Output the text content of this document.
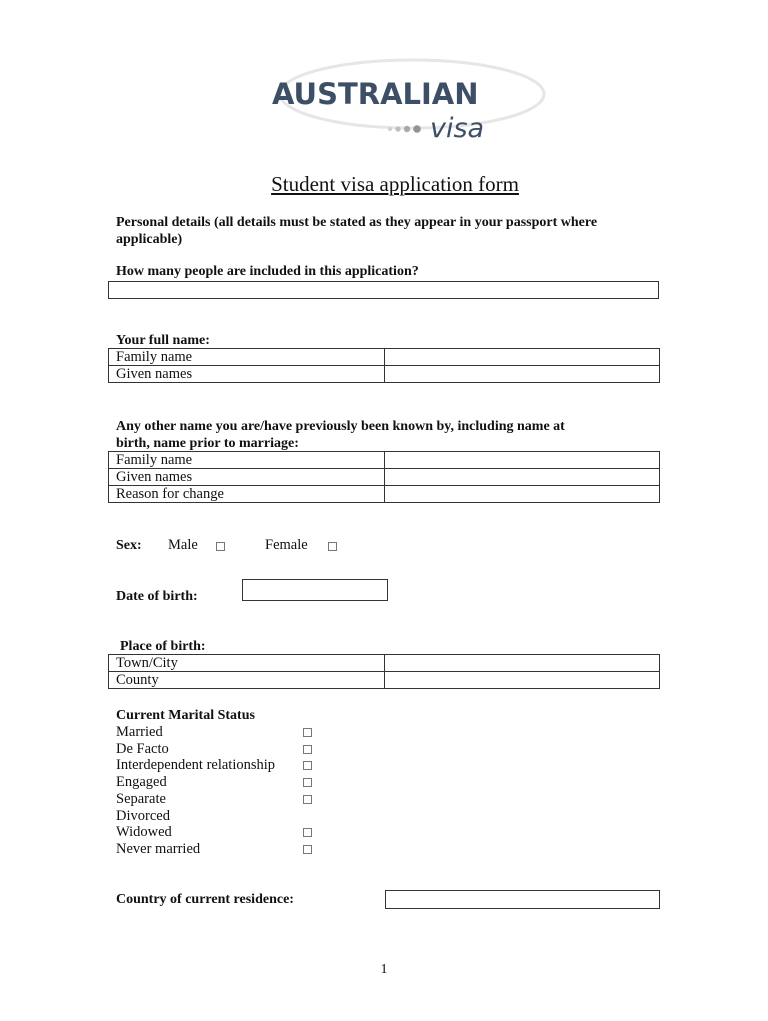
AUSTRALIAN
visa
Student visa application form
Personal details (all details must be stated as they appear in your passport where
applicable)
How many people are included in this application?
Your full name:
Family name	
Given names	
Any other name you are/have previously been known by, including name at
birth, name prior to marriage:
Family name	
Given names	
Reason for change	
Sex: Male	Female
Date of birth:
Place of birth:
Town/City	
County	
Current Marital Status
Married
De Facto
Interdependent relationship
Engaged
Separate
Divorced
Widowed
Never married
Country of current residence:
1
